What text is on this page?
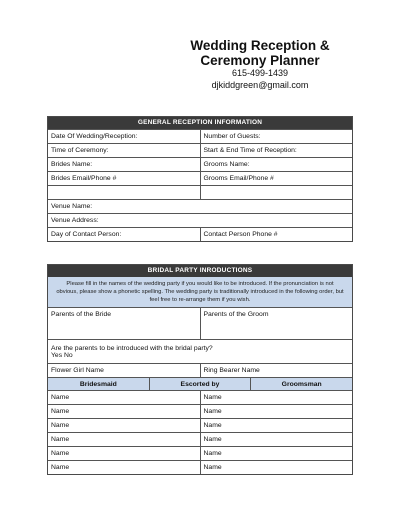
Wedding Reception &
Ceremony Planner
615-499-1439
djkiddgreen@gmail.com
GENERAL RECEPTION INFORMATION
Date Of Wedding/Reception:	Number of Guests:
Time of Ceremony:	Start & End Time of Reception:
Brides Name:	Grooms Name:
Brides Email/Phone #	Grooms Email/Phone #
Venue Name:
Venue Address:
Day of Contact Person:	Contact Person Phone #
BRIDAL PARTY INRODUCTIONS
Please fill in the names of the wedding party if you would like to be introduced. If the pronunciation is not obvious, please show a phonetic spelling. The wedding party is traditionally introduced in the following order, but feel free to re-arrange them if you wish.
Parents of the Bride	Parents of the Groom
Are the parents to be introduced with the bridal party?
Yes No
Flower Girl Name	Ring Bearer Name
Bridesmaid	Escorted by	Groomsman
Name	Name
Name	Name
Name	Name
Name	Name
Name	Name
Name	Name
